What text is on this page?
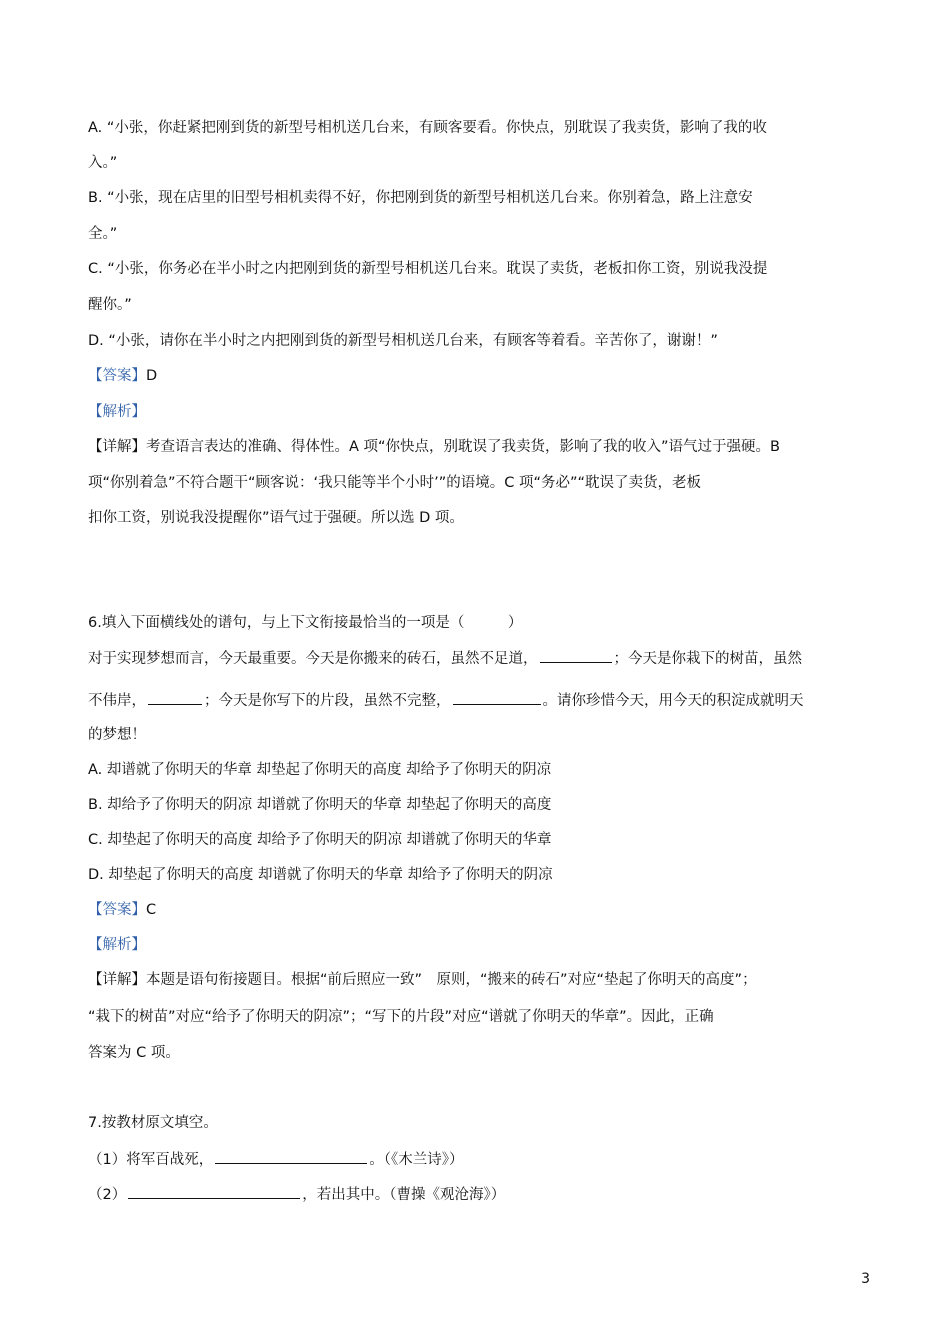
A. “小张，你赶紧把刚到货的新型号相机送几台来，有顾客要看。你快点，别耽误了我卖货，影响了我的收
入。”
B. “小张，现在店里的旧型号相机卖得不好，你把刚到货的新型号相机送几台来。你别着急，路上注意安
全。”
C. “小张，你务必在半小时之内把刚到货的新型号相机送几台来。耽误了卖货，老板扣你工资，别说我没提
醒你。”
D. “小张，请你在半小时之内把刚到货的新型号相机送几台来，有顾客等着看。辛苦你了，谢谢！”
【答案】D
【解析】
【详解】考查语言表达的准确、得体性。A 项“你快点，别耽误了我卖货，影响了我的收入”语气过于强硬。B
项“你别着急”不符合题干“顾客说：‘我只能等半个小时’”的语境。C 项“务必”“耽误了卖货，老板
扣你工资，别说我没提醒你”语气过于强硬。所以选 D 项。
6.填入下面横线处的谱句，与上下文衔接最恰当的一项是（　　　）
对于实现梦想而言，今天最重要。今天是你搬来的砖石，虽然不足道，	；今天是你栽下的树苗，虽然
不伟岸，	；今天是你写下的片段，虽然不完整，	。请你珍惜今天，用今天的积淀成就明天
的梦想！
A. 却谱就了你明天的华章 却垫起了你明天的高度 却给予了你明天的阴凉
B. 却给予了你明天的阴凉 却谱就了你明天的华章 却垫起了你明天的高度
C. 却垫起了你明天的高度 却给予了你明天的阴凉 却谱就了你明天的华章
D. 却垫起了你明天的高度 却谱就了你明天的华章 却给予了你明天的阴凉
【答案】C
【解析】
【详解】本题是语句衔接题目。根据“前后照应一致”　原则，“搬来的砖石”对应“垫起了你明天的高度”；
“栽下的树苗”对应“给予了你明天的阴凉”；“写下的片段”对应“谱就了你明天的华章”。因此，正确
答案为 C 项。
7.按教材原文填空。
（1）将军百战死，	。（《木兰诗》）
（2）	，若出其中。（曹操《观沧海》）
3
